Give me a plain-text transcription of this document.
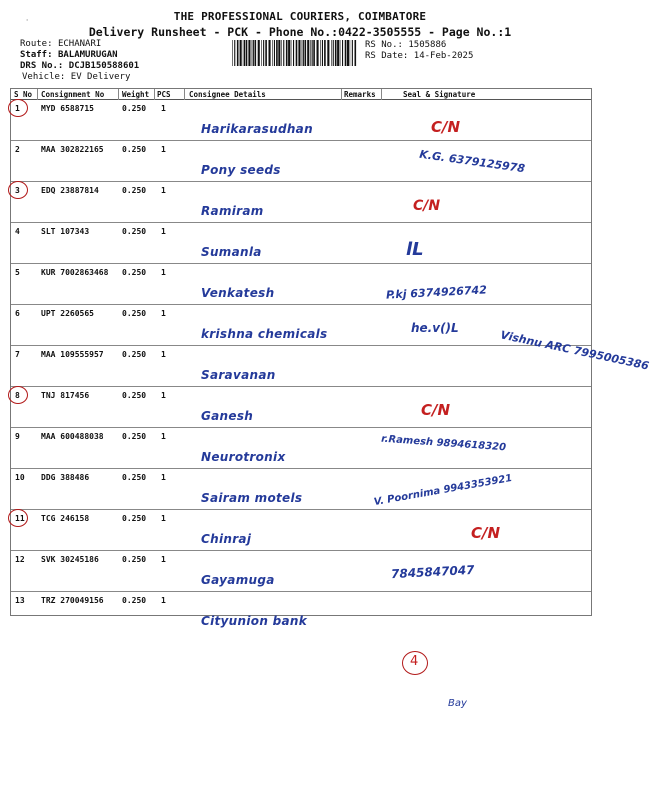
'	THE PROFESSIONAL COURIERS, COIMBATORE
Delivery Runsheet - PCK - Phone No.:0422-3505555 - Page No.:1
Route: ECHANARI
Staff: BALAMURUGAN
DRS No.: DCJB150588601
Vehicle: EV Delivery
RS No.: 1505886
RS Date: 14-Feb-2025
S No Consignment No Weight PCS Consignee Details	Remarks	Seal & Signature
1	MYD 6588715	0.250 1
Harikarasudhan	C/N
2	MAA 302822165 0.250 1
Pony seeds	K.G. 6379125978
3	EDQ 23887814	0.250 1
Ramiram	C/N
4	SLT 107343	0.250 1
Sumanla	lL
5	KUR 7002863468 0.250 1
Venkatesh	P.kj 6374926742
6	UPT 2260565	0.250 1
krishna chemicals	he.v()L
7	MAA 109555957 0.250 1
Saravanan
Vishnu ARC 7995005386
8	TNJ 817456	0.250 1
Ganesh	C/N
9	MAA 600488038 0.250 1
Neurotronix
r.Ramesh 9894618320
10 DDG 388486	0.250 1
Sairam motels	V. Poornima 9943353921
11 TCG 246158	0.250 1
Chinraj	C/N
12 SVK 30245186	0.250 1
Gayamuga	7845847047
13 TRZ 270049156 0.250 1
Cityunion bank
4
Bay
